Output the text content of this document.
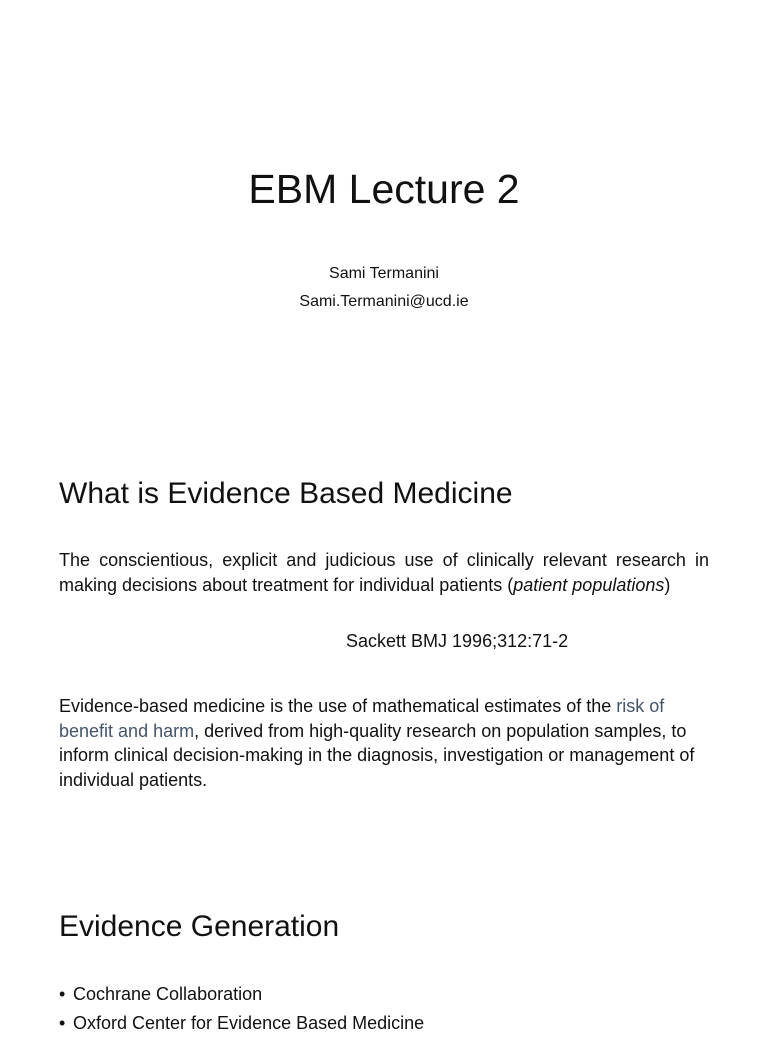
EBM Lecture 2
Sami Termanini
Sami.Termanini@ucd.ie
What is Evidence Based Medicine

The conscientious, explicit and judicious use of clinically relevant research in making decisions about treatment for individual patients (patient populations)

Sackett BMJ 1996;312:71-2

Evidence-based medicine is the use of mathematical estimates of the risk of benefit and harm, derived from high-quality research on population samples, to inform clinical decision-making in the diagnosis, investigation or management of individual patients.

Evidence Generation
• Cochrane Collaboration
• Oxford Center for Evidence Based Medicine
